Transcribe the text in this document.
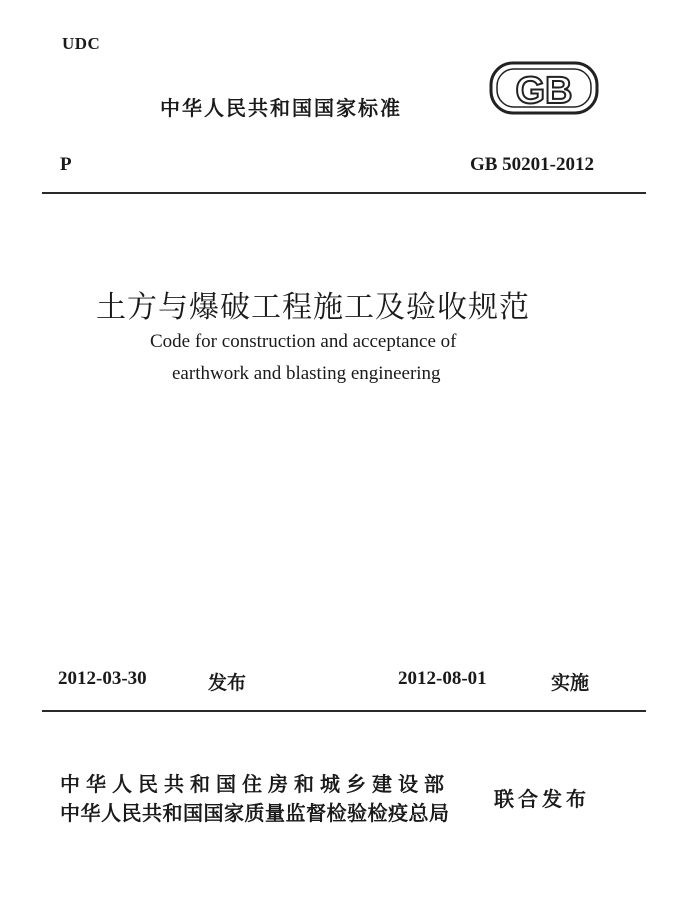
UDC
中华人民共和国国家标准	GB
P	GB 50201-2012
土方与爆破工程施工及验收规范
Code for construction and acceptance of
earthwork and blasting engineering
2012-03-30	发布	2012-08-01	实施
中华人民共和国住房和城乡建设部
中华人民共和国国家质量监督检验检疫总局
联合发布
